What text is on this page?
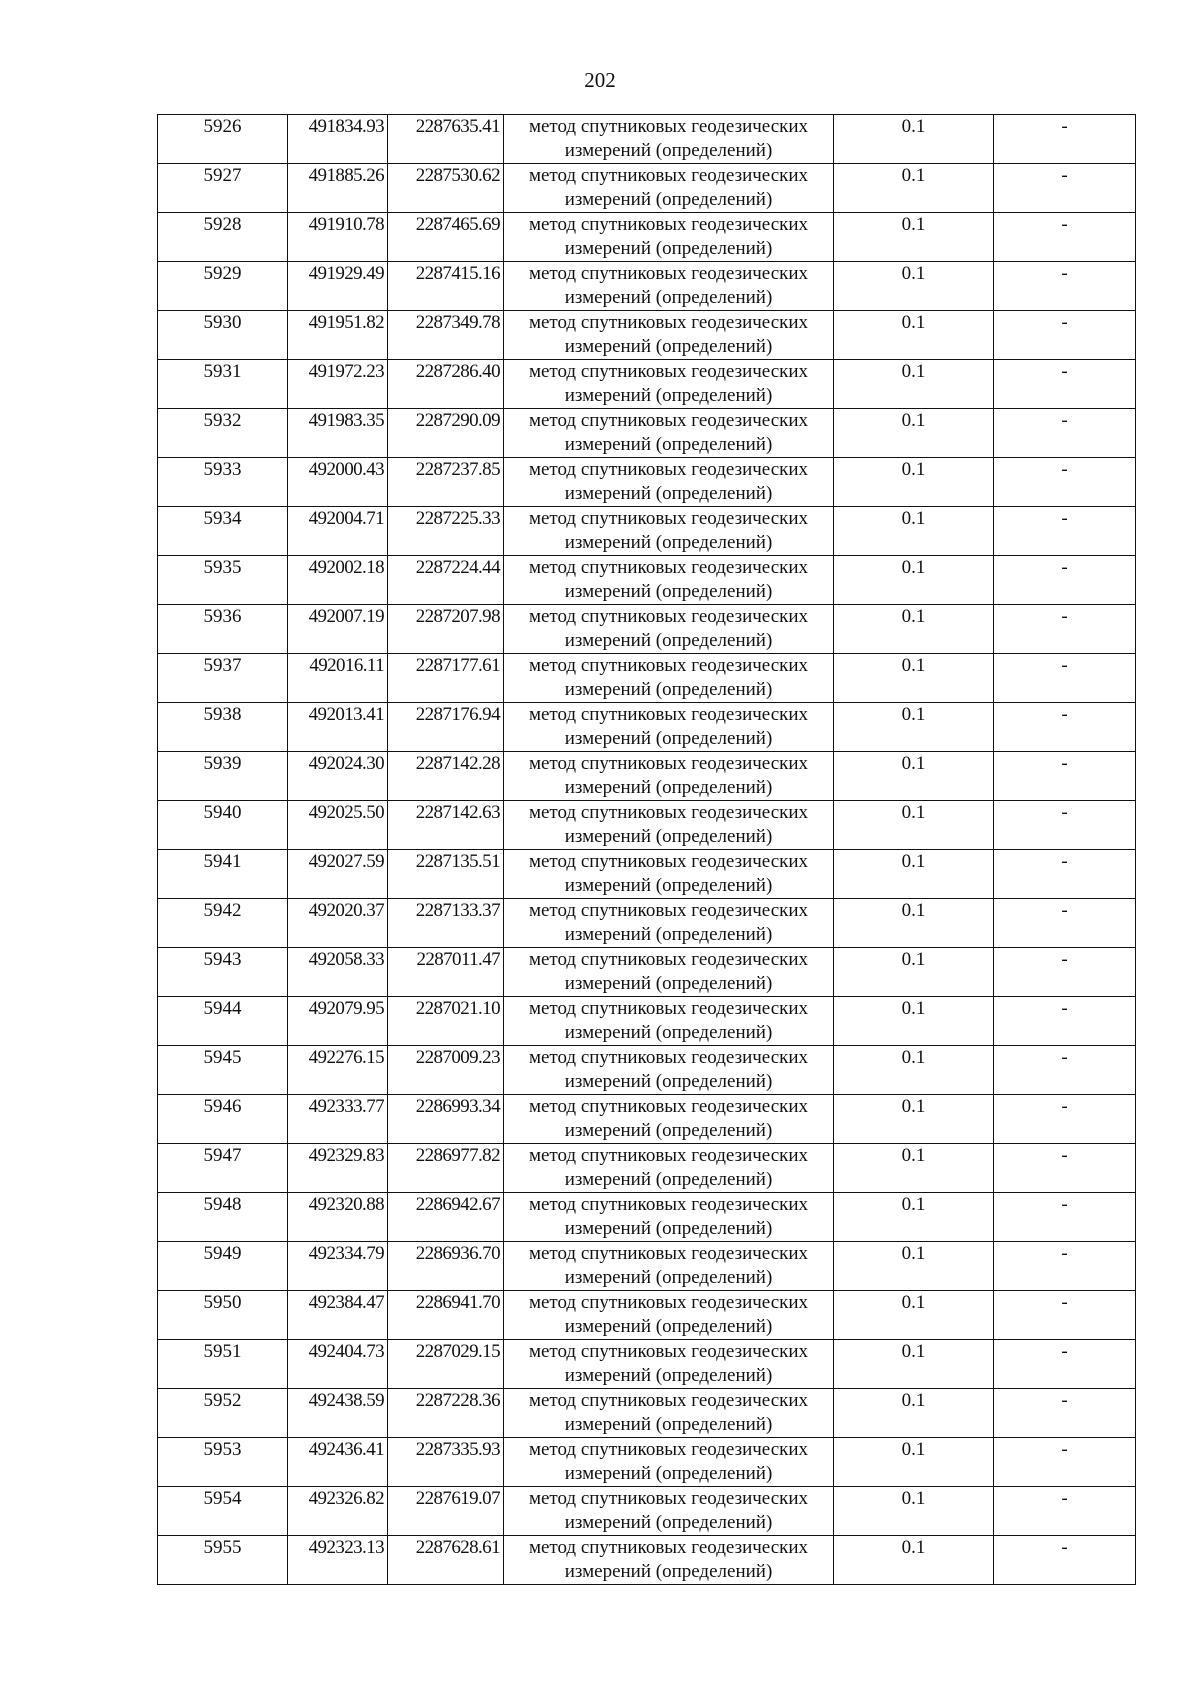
202
5926	491834.93	2287635.41	метод спутниковых геодезических измерений (определений)	0.1	-
5927	491885.26	2287530.62	метод спутниковых геодезических измерений (определений)	0.1	-
5928	491910.78	2287465.69	метод спутниковых геодезических измерений (определений)	0.1	-
5929	491929.49	2287415.16	метод спутниковых геодезических измерений (определений)	0.1	-
5930	491951.82	2287349.78	метод спутниковых геодезических измерений (определений)	0.1	-
5931	491972.23	2287286.40	метод спутниковых геодезических измерений (определений)	0.1	-
5932	491983.35	2287290.09	метод спутниковых геодезических измерений (определений)	0.1	-
5933	492000.43	2287237.85	метод спутниковых геодезических измерений (определений)	0.1	-
5934	492004.71	2287225.33	метод спутниковых геодезических измерений (определений)	0.1	-
5935	492002.18	2287224.44	метод спутниковых геодезических измерений (определений)	0.1	-
5936	492007.19	2287207.98	метод спутниковых геодезических измерений (определений)	0.1	-
5937	492016.11	2287177.61	метод спутниковых геодезических измерений (определений)	0.1	-
5938	492013.41	2287176.94	метод спутниковых геодезических измерений (определений)	0.1	-
5939	492024.30	2287142.28	метод спутниковых геодезических измерений (определений)	0.1	-
5940	492025.50	2287142.63	метод спутниковых геодезических измерений (определений)	0.1	-
5941	492027.59	2287135.51	метод спутниковых геодезических измерений (определений)	0.1	-
5942	492020.37	2287133.37	метод спутниковых геодезических измерений (определений)	0.1	-
5943	492058.33	2287011.47	метод спутниковых геодезических измерений (определений)	0.1	-
5944	492079.95	2287021.10	метод спутниковых геодезических измерений (определений)	0.1	-
5945	492276.15	2287009.23	метод спутниковых геодезических измерений (определений)	0.1	-
5946	492333.77	2286993.34	метод спутниковых геодезических измерений (определений)	0.1	-
5947	492329.83	2286977.82	метод спутниковых геодезических измерений (определений)	0.1	-
5948	492320.88	2286942.67	метод спутниковых геодезических измерений (определений)	0.1	-
5949	492334.79	2286936.70	метод спутниковых геодезических измерений (определений)	0.1	-
5950	492384.47	2286941.70	метод спутниковых геодезических измерений (определений)	0.1	-
5951	492404.73	2287029.15	метод спутниковых геодезических измерений (определений)	0.1	-
5952	492438.59	2287228.36	метод спутниковых геодезических измерений (определений)	0.1	-
5953	492436.41	2287335.93	метод спутниковых геодезических измерений (определений)	0.1	-
5954	492326.82	2287619.07	метод спутниковых геодезических измерений (определений)	0.1	-
5955	492323.13	2287628.61	метод спутниковых геодезических измерений (определений)	0.1	-
